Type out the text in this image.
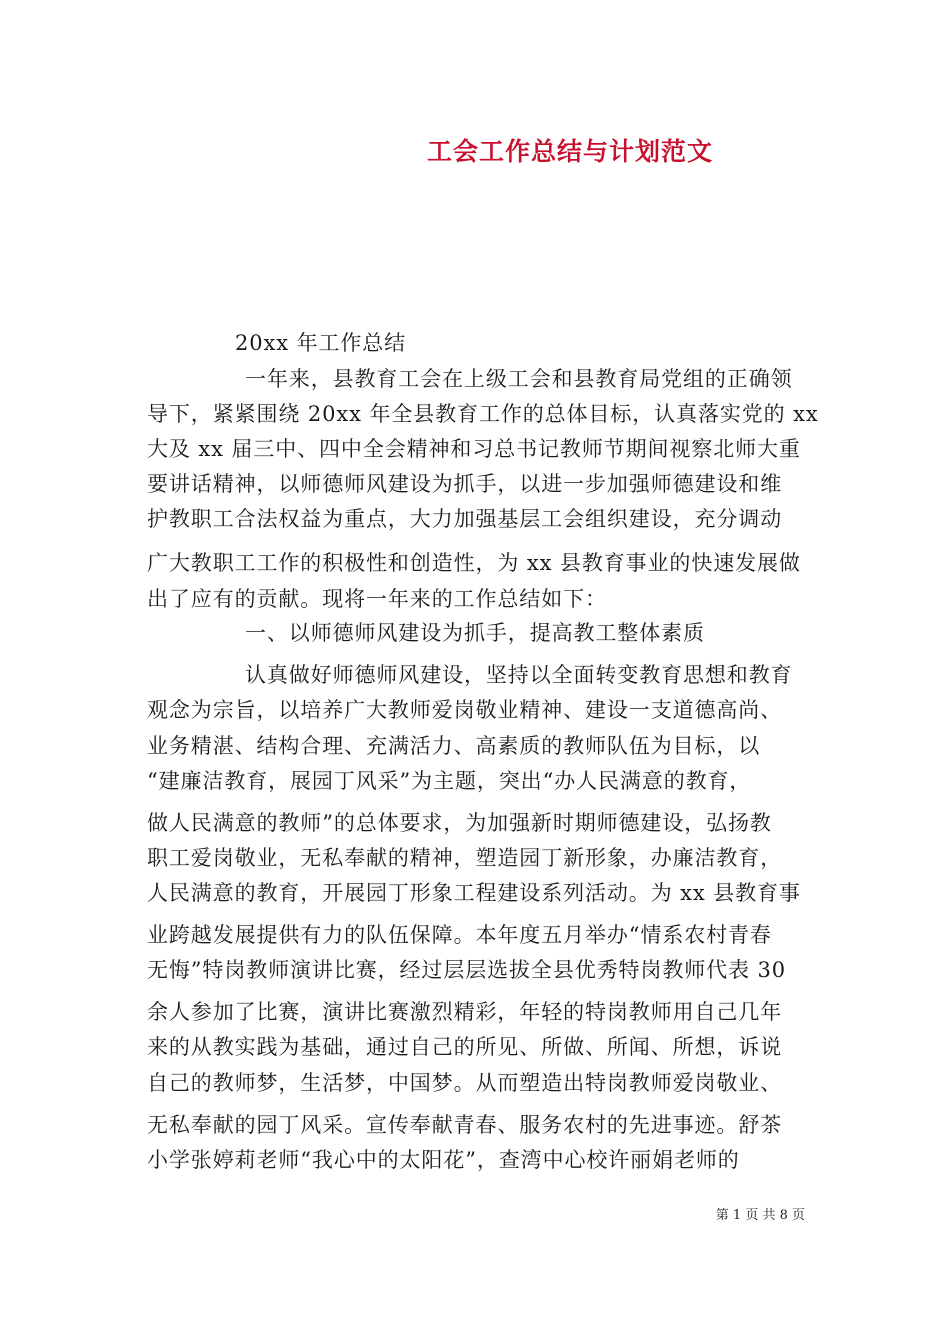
工会工作总结与计划范文
20xx 年工作总结
一年来，县教育工会在上级工会和县教育局党组的正确领
导下，紧紧围绕 20xx 年全县教育工作的总体目标，认真落实党的 xx
大及 xx 届三中、四中全会精神和习总书记教师节期间视察北师大重
要讲话精神，以师德师风建设为抓手，以进一步加强师德建设和维
护教职工合法权益为重点，大力加强基层工会组织建设，充分调动
广大教职工工作的积极性和创造性，为 xx 县教育事业的快速发展做
出了应有的贡献。现将一年来的工作总结如下：
一、以师德师风建设为抓手，提高教工整体素质
认真做好师德师风建设，坚持以全面转变教育思想和教育
观念为宗旨，以培养广大教师爱岗敬业精神、建设一支道德高尚、
业务精湛、结构合理、充满活力、高素质的教师队伍为目标，以
“建廉洁教育，展园丁风采”为主题，突出“办人民满意的教育，
做人民满意的教师”的总体要求，为加强新时期师德建设，弘扬教
职工爱岗敬业，无私奉献的精神，塑造园丁新形象，办廉洁教育，
人民满意的教育，开展园丁形象工程建设系列活动。为 xx 县教育事
业跨越发展提供有力的队伍保障。本年度五月举办“情系农村青春
无悔”特岗教师演讲比赛，经过层层选拔全县优秀特岗教师代表 30
余人参加了比赛，演讲比赛激烈精彩，年轻的特岗教师用自己几年
来的从教实践为基础，通过自己的所见、所做、所闻、所想，诉说
自己的教师梦，生活梦，中国梦。从而塑造出特岗教师爱岗敬业、
无私奉献的园丁风采。宣传奉献青春、服务农村的先进事迹。舒茶
小学张婷莉老师“我心中的太阳花”，查湾中心校许丽娟老师的
第 1 页 共 8 页
